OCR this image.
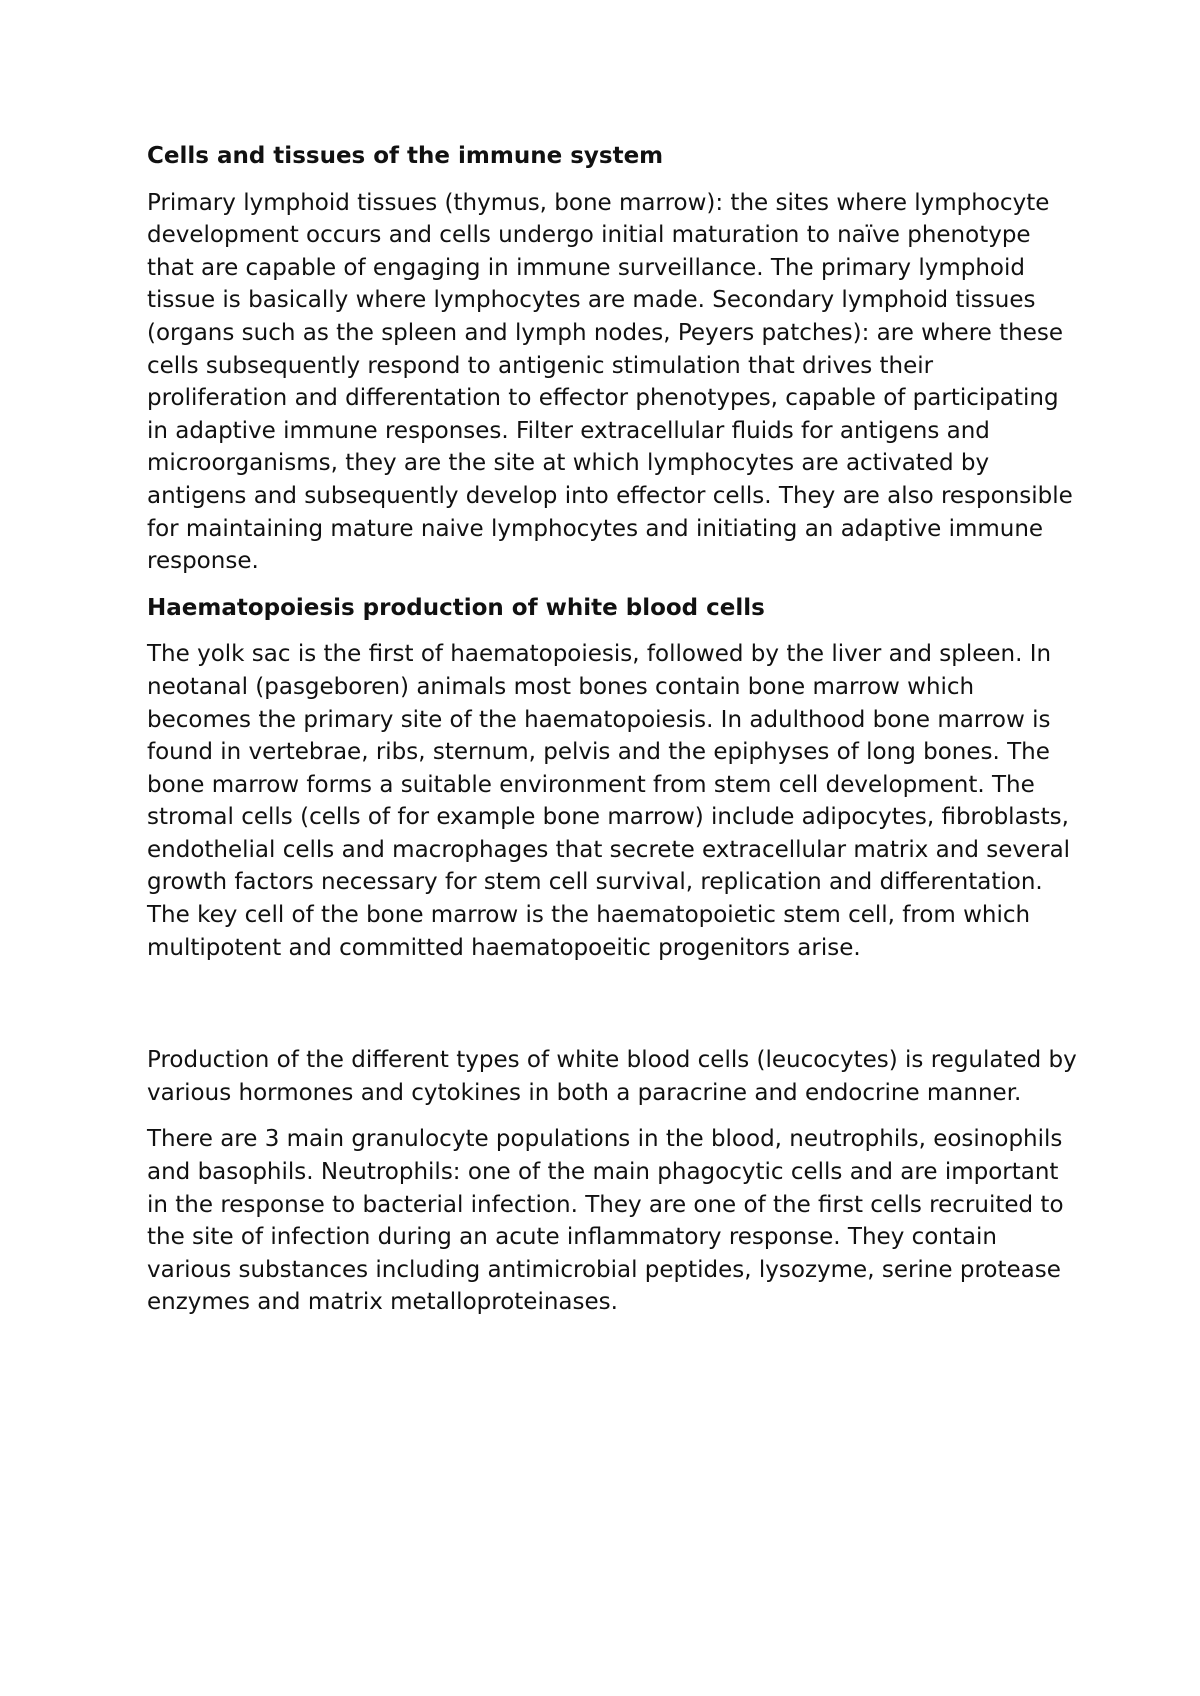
Cells and tissues of the immune system

Primary lymphoid tissues (thymus, bone marrow): the sites where lymphocyte development occurs and cells undergo initial maturation to naïve phenotype that are capable of engaging in immune surveillance. The primary lymphoid tissue is basically where lymphocytes are made. Secondary lymphoid tissues (organs such as the spleen and lymph nodes, Peyers patches): are where these cells subsequently respond to antigenic stimulation that drives their proliferation and differentation to effector phenotypes, capable of participating in adaptive immune responses. Filter extracellular fluids for antigens and microorganisms, they are the site at which lymphocytes are activated by antigens and subsequently develop into effector cells. They are also responsible for maintaining mature naive lymphocytes and initiating an adaptive immune response.

Haematopoiesis production of white blood cells

The yolk sac is the first of haematopoiesis, followed by the liver and spleen. In neotanal (pasgeboren) animals most bones contain bone marrow which becomes the primary site of the haematopoiesis. In adulthood bone marrow is found in vertebrae, ribs, sternum, pelvis and the epiphyses of long bones. The bone marrow forms a suitable environment from stem cell development. The stromal cells (cells of for example bone marrow) include adipocytes, fibroblasts, endothelial cells and macrophages that secrete extracellular matrix and several growth factors necessary for stem cell survival, replication and differentation. The key cell of the bone marrow is the haematopoietic stem cell, from which multipotent and committed haematopoeitic progenitors arise.

Production of the different types of white blood cells (leucocytes) is regulated by various hormones and cytokines in both a paracrine and endocrine manner.

There are 3 main granulocyte populations in the blood, neutrophils, eosinophils and basophils. Neutrophils: one of the main phagocytic cells and are important in the response to bacterial infection. They are one of the first cells recruited to the site of infection during an acute inflammatory response. They contain various substances including antimicrobial peptides, lysozyme, serine protease enzymes and matrix metalloproteinases.
